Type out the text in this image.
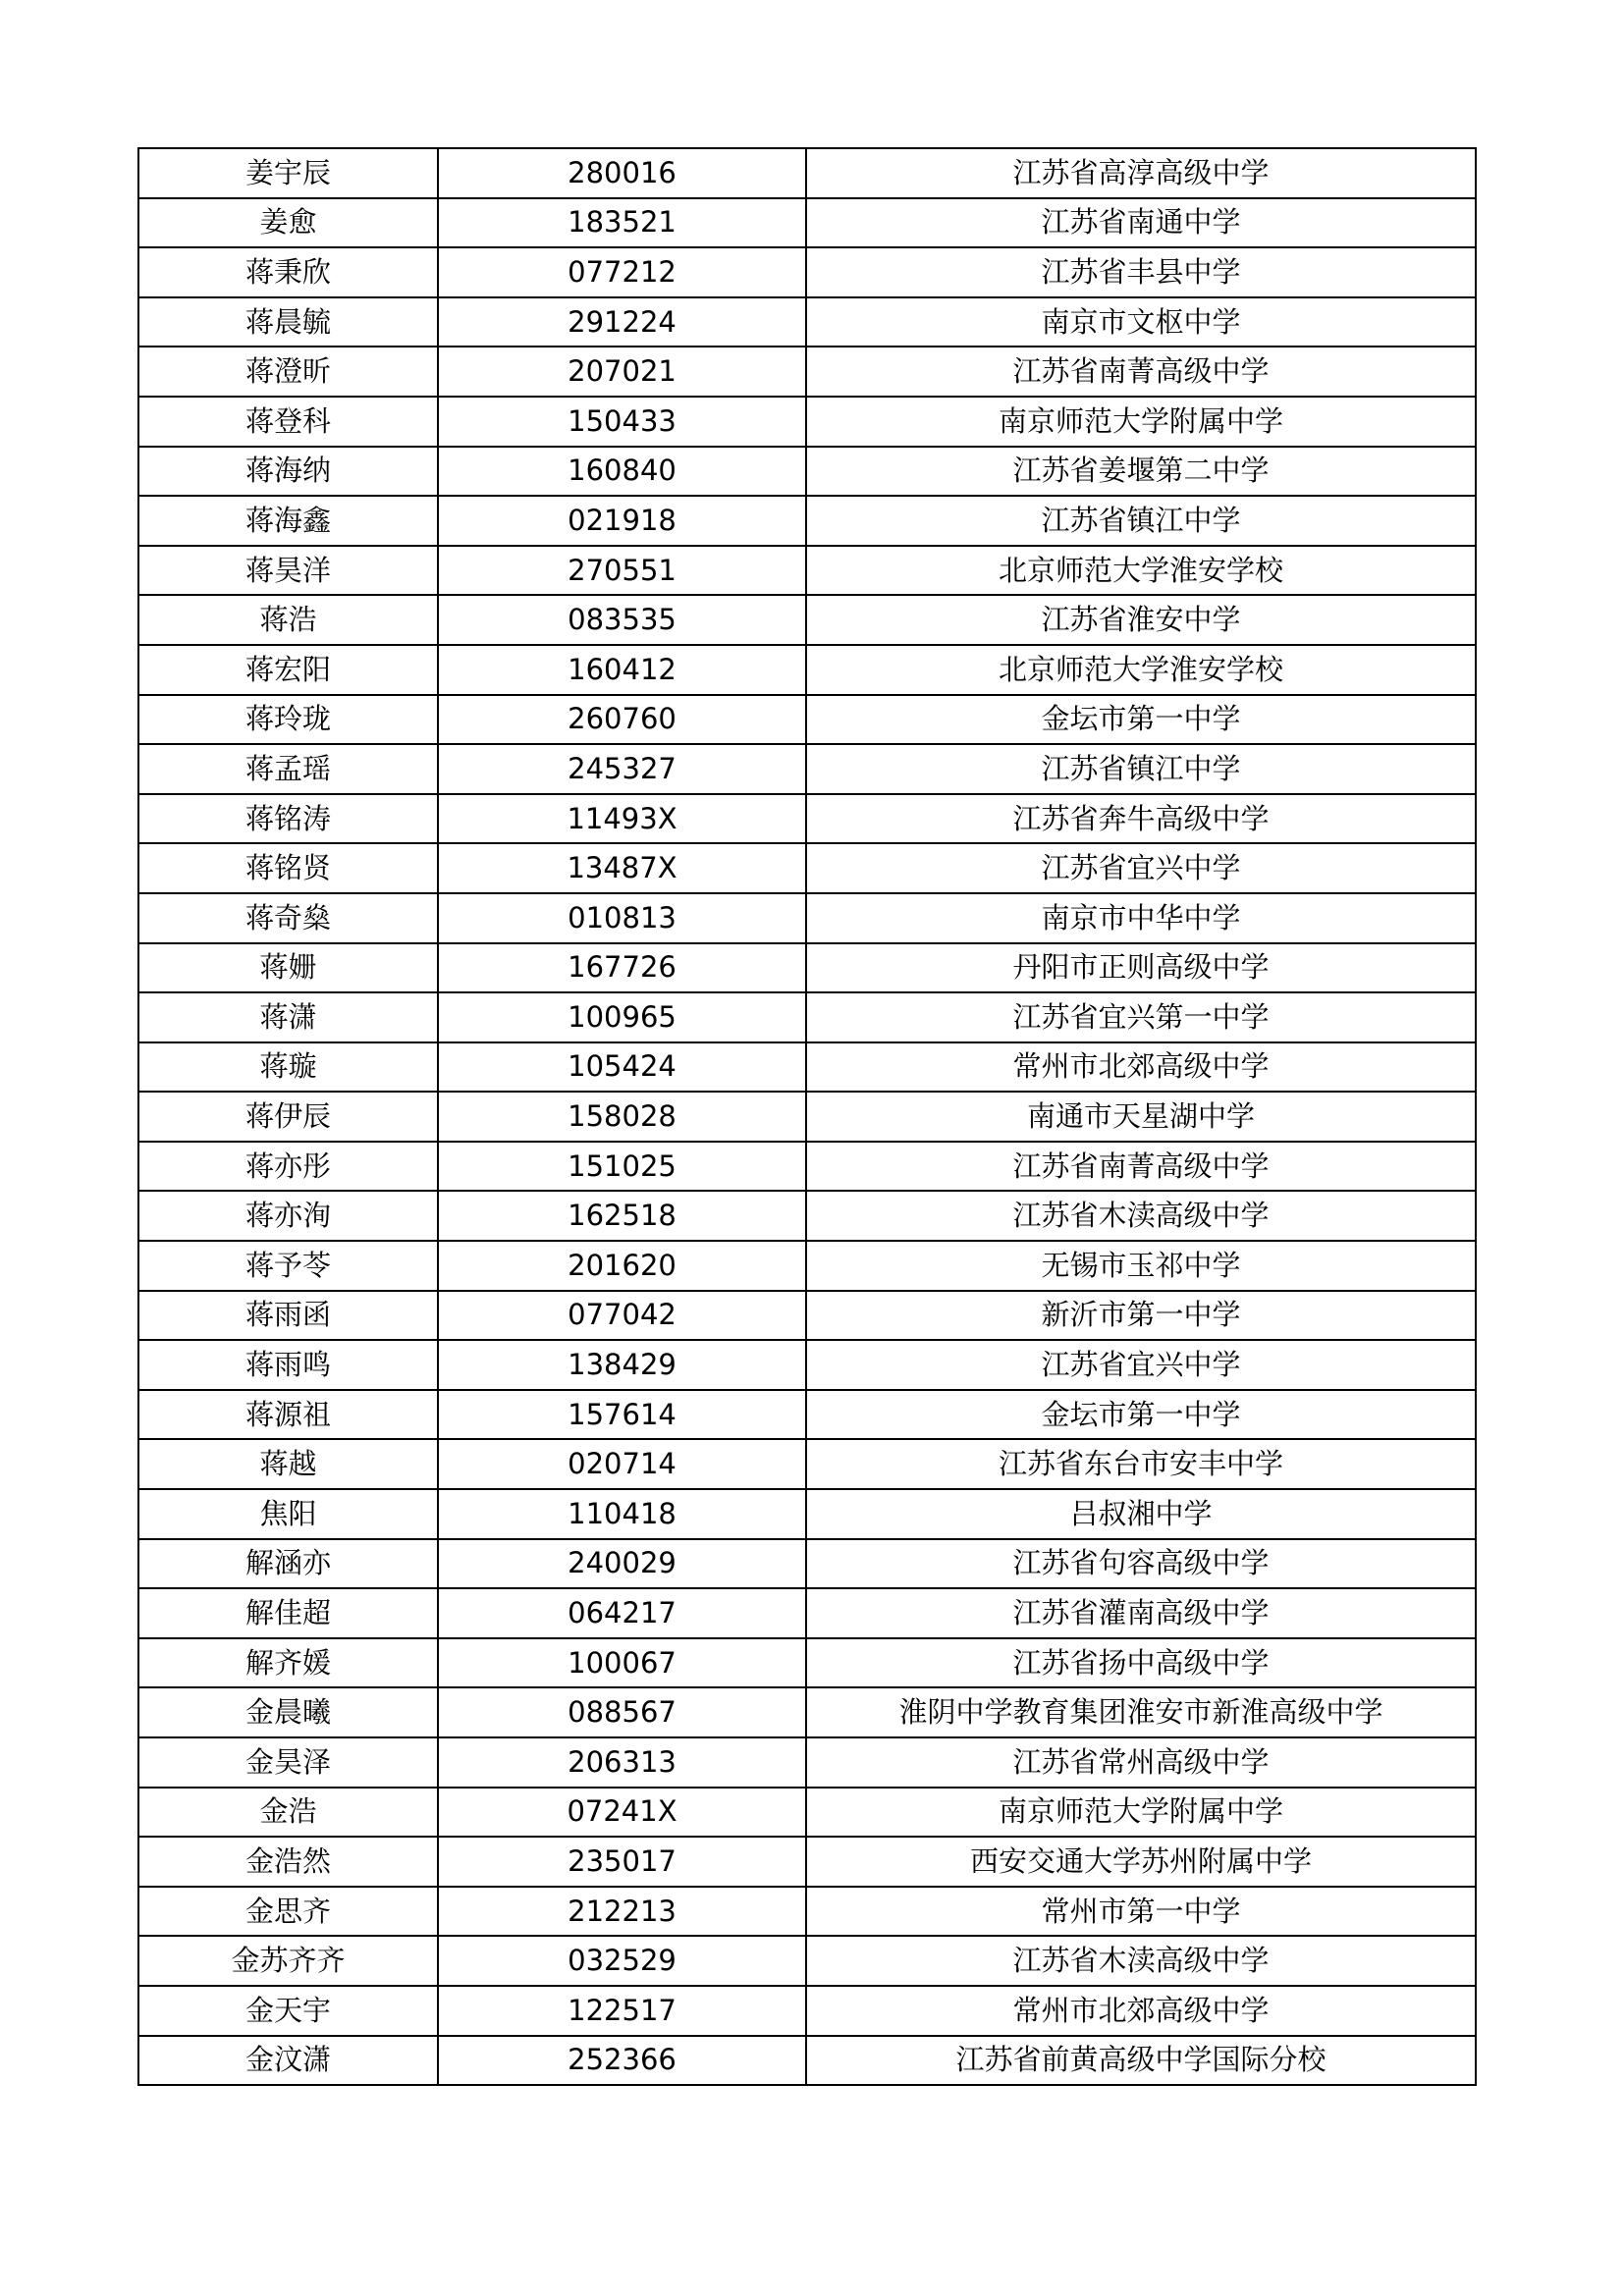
姜宇辰	280016	江苏省高淳高级中学
姜愈	183521	江苏省南通中学
蒋秉欣	077212	江苏省丰县中学
蒋晨毓	291224	南京市文枢中学
蒋澄昕	207021	江苏省南菁高级中学
蒋登科	150433	南京师范大学附属中学
蒋海纳	160840	江苏省姜堰第二中学
蒋海鑫	021918	江苏省镇江中学
蒋昊洋	270551	北京师范大学淮安学校
蒋浩	083535	江苏省淮安中学
蒋宏阳	160412	北京师范大学淮安学校
蒋玲珑	260760	金坛市第一中学
蒋孟瑶	245327	江苏省镇江中学
蒋铭涛	11493X	江苏省奔牛高级中学
蒋铭贤	13487X	江苏省宜兴中学
蒋奇燊	010813	南京市中华中学
蒋姗	167726	丹阳市正则高级中学
蒋潇	100965	江苏省宜兴第一中学
蒋璇	105424	常州市北郊高级中学
蒋伊辰	158028	南通市天星湖中学
蒋亦彤	151025	江苏省南菁高级中学
蒋亦洵	162518	江苏省木渎高级中学
蒋予苓	201620	无锡市玉祁中学
蒋雨函	077042	新沂市第一中学
蒋雨鸣	138429	江苏省宜兴中学
蒋源祖	157614	金坛市第一中学
蒋越	020714	江苏省东台市安丰中学
焦阳	110418	吕叔湘中学
解涵亦	240029	江苏省句容高级中学
解佳超	064217	江苏省灌南高级中学
解齐媛	100067	江苏省扬中高级中学
金晨曦	088567	淮阴中学教育集团淮安市新淮高级中学
金昊泽	206313	江苏省常州高级中学
金浩	07241X	南京师范大学附属中学
金浩然	235017	西安交通大学苏州附属中学
金思齐	212213	常州市第一中学
金苏齐齐	032529	江苏省木渎高级中学
金天宇	122517	常州市北郊高级中学
金汶潇	252366	江苏省前黄高级中学国际分校
